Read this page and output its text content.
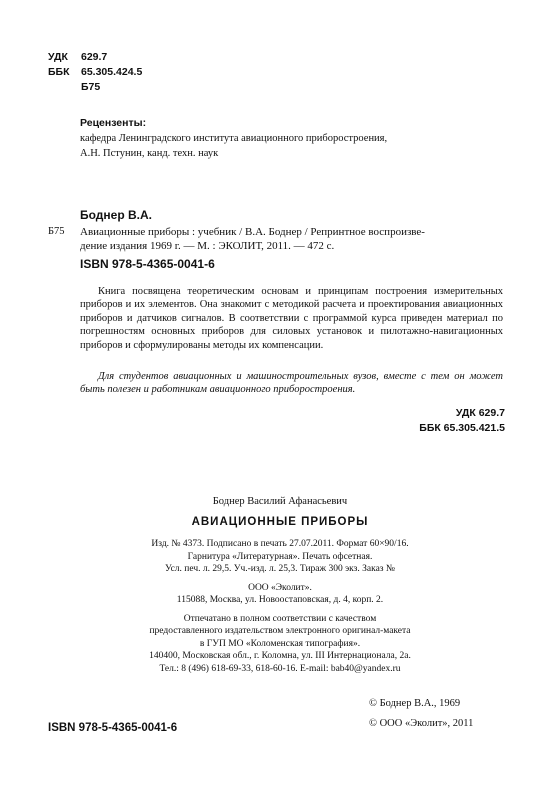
УДК	629.7
ББК	65.305.424.5
Б75
Рецензенты:
кафедра Ленинградского института авиационного приборостроения,
А.Н. Пстунин, канд. техн. наук
Боднер В.А.
Б75	Авиационные приборы : учебник / В.А. Боднер / Репринтное воспроизве-
дение издания 1969 г. — М. : ЭКОЛИТ, 2011. — 472 с.
ISBN 978-5-4365-0041-6
Книга посвящена теоретическим основам и принципам построения измерительных приборов и их элементов. Она знакомит с методикой расчета и проектирования авиационных приборов и датчиков сигналов. В соответствии с программой курса приведен материал по погрешностям основных приборов для силовых установок и пилотажно-навигационных приборов и сформулированы методы их компенсации.
Для студентов авиационных и машиностроительных вузов, вместе с тем он может быть полезен и работникам авиационного приборостроения.
УДК 629.7
ББК 65.305.421.5
Боднер Василий Афанасьевич
АВИАЦИОННЫЕ ПРИБОРЫ
Изд. № 4373. Подписано в печать 27.07.2011. Формат 60×90/16.
Гарнитура «Литературная». Печать офсетная.
Усл. печ. л. 29,5. Уч.-изд. л. 25,3. Тираж 300 экз. Заказ №
ООО «Эколит».
115088, Москва, ул. Новоостаповская, д. 4, корп. 2.
Отпечатано в полном соответствии с качеством
предоставленного издательством электронного оригинал-макета
в ГУП МО «Коломенская типография».
140400, Московская обл., г. Коломна, ул. III Интернационала, 2а.
Тел.: 8 (496) 618-69-33, 618-60-16. E-mail: bab40@yandex.ru
ISBN 978-5-4365-0041-6
© Боднер В.А., 1969
© ООО «Эколит», 2011
